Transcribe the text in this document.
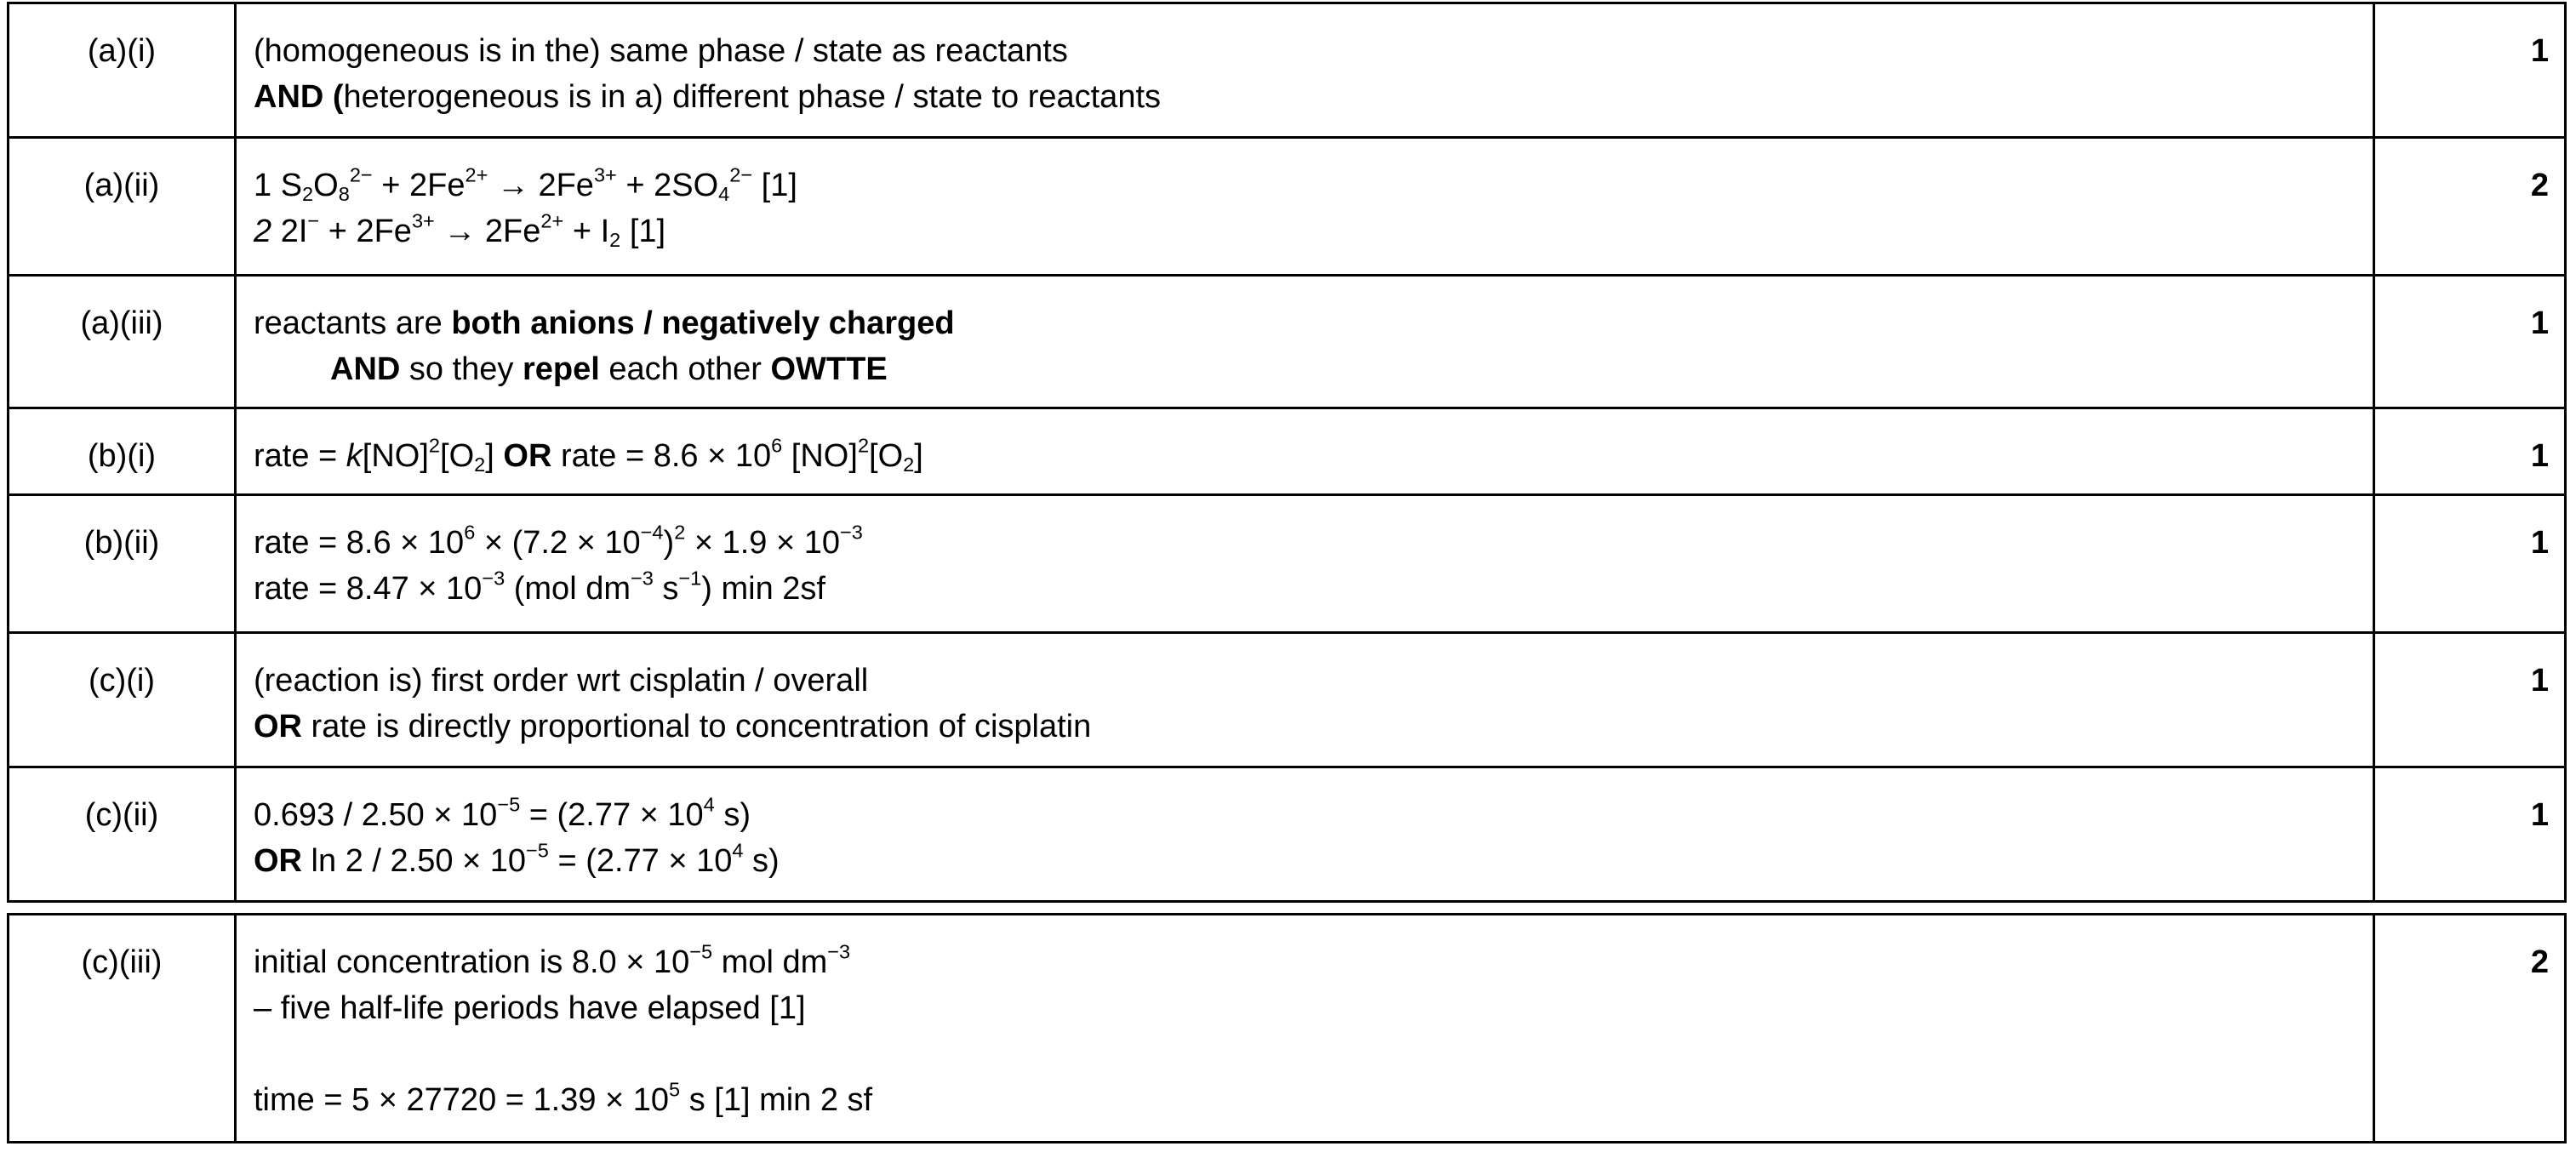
(a)(i)	(homogeneous is in the) same phase / state as reactants
AND (heterogeneous is in a) different phase / state to reactants	1
(a)(ii)	1 $S_2O_8^{2-} + 2Fe^{2+} \to 2Fe^{3+} + 2SO_4^{2-}$ [1]
2 $2I^- + 2Fe^{3+} \to 2Fe^{2+} + I_2$ [1]	2
(a)(iii)	reactants are both anions / negatively charged
AND so they repel each other OWTTE	1
(b)(i)	rate = $k[NO]^2[O_2]$ OR rate = $8.6 \times 10^6$ $[NO]^2[O_2]$	1
(b)(ii)	rate = $8.6 \times 10^6 \times (7.2 \times 10^{-4})^2 \times 1.9 \times 10^{-3}$
rate = $8.47 \times 10^{-3}$ (mol $dm^{-3}$ $s^{-1}$) min 2sf	1
(c)(i)	(reaction is) first order wrt cisplatin / overall
OR rate is directly proportional to concentration of cisplatin	1
(c)(ii)	$0.693 / 2.50 \times 10^{-5} = (2.77 \times 10^4$ s)
OR $\ln 2 / 2.50 \times 10^{-5} = (2.77 \times 10^4$ s)	1
(c)(iii)	initial concentration is $8.0 \times 10^{-5}$ mol $dm^{-3}$
– five half-life periods have elapsed [1]
time = $5 \times 27720 = 1.39 \times 10^5$ s [1] min 2 sf
	2
